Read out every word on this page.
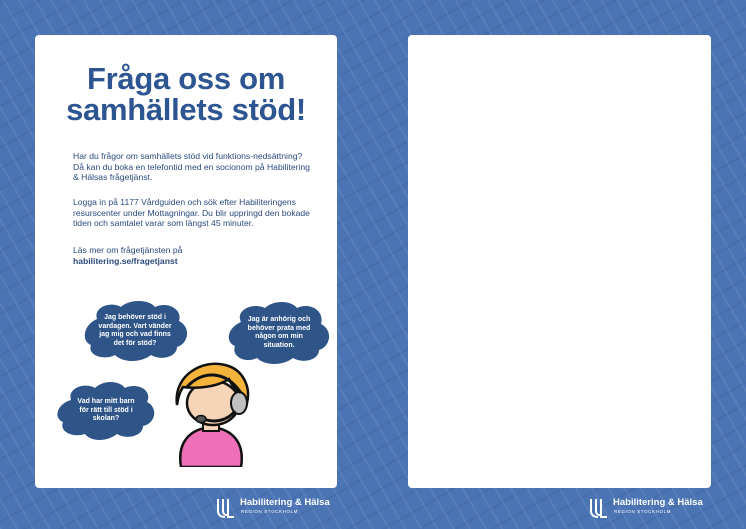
Fråga oss om
samhällets stöd!
Har du frågor om samhällets stöd vid funktions-nedsättning? Då kan du boka en telefontid med en socionom på Habilitering & Hälsas frågetjänst.
Logga in på 1177 Vårdguiden och sök efter Habiliteringens resurscenter under Mottagningar. Du blir uppringd den bokade tiden och samtalet varar som längst 45 minuter.
Läs mer om frågetjänsten på
habilitering.se/fragetjanst
Jag behöver stöd i vardagen. Vart vänder jag mig och vad finns det för stöd?
Jag är anhörig och behöver prata med någon om min situation.
Vad har mitt barn för rätt till stöd i skolan?
Habilitering & Hälsa
REGION STOCKHOLM
Habilitering & Hälsa
REGION STOCKHOLM
